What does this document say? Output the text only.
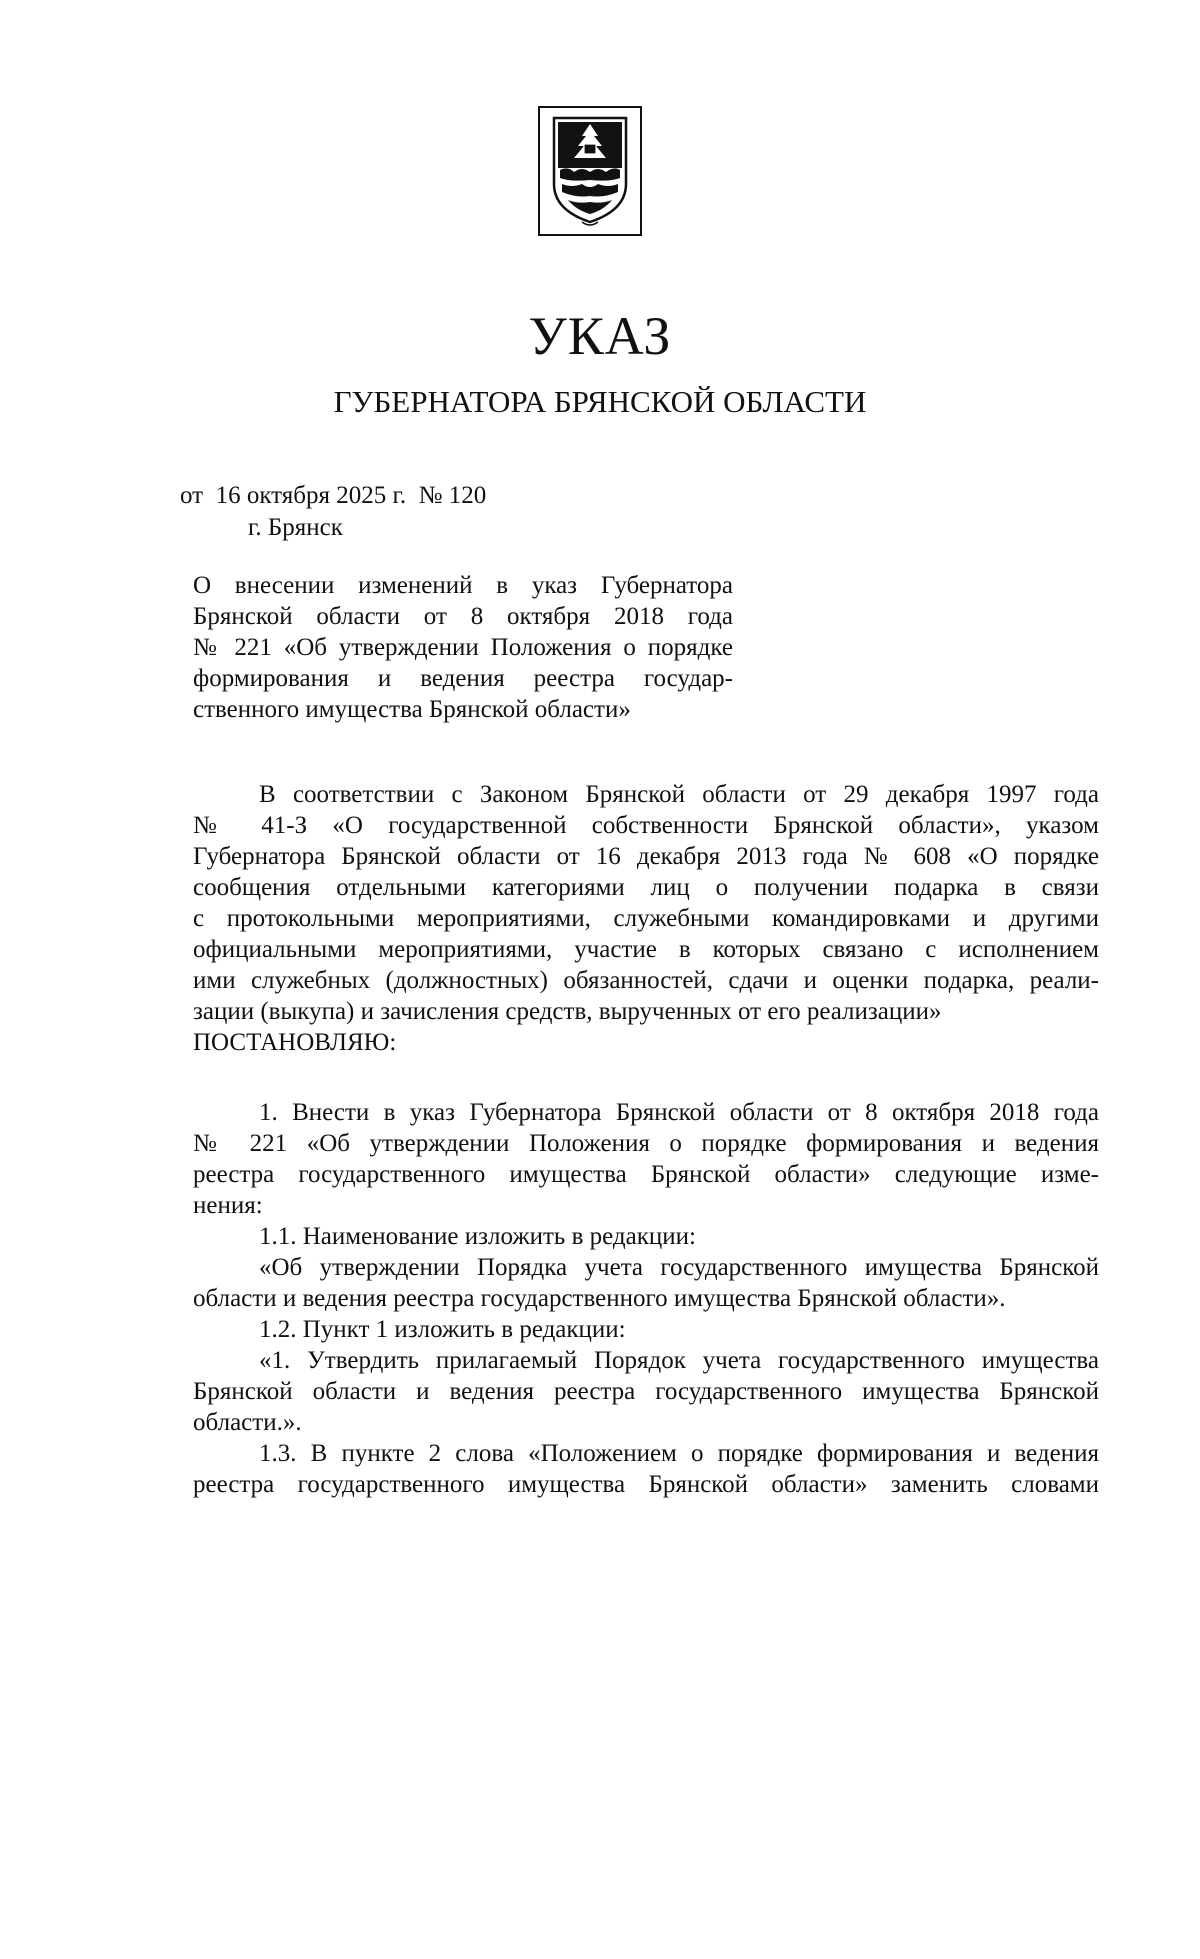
УКАЗ
ГУБЕРНАТОРА БРЯНСКОЙ ОБЛАСТИ
от  16 октября 2025 г.  № 120
г. Брянск
О внесении изменений в указ Губернатора
Брянской области от 8 октября 2018 года
№ 221 «Об утверждении Положения о порядке
формирования и ведения реестра государ-
ственного имущества Брянской области»
В соответствии с Законом Брянской области от 29 декабря 1997 года
№ 41-З «О государственной собственности Брянской области», указом
Губернатора Брянской области от 16 декабря 2013 года № 608 «О порядке
сообщения отдельными категориями лиц о получении подарка в связи
с протокольными мероприятиями, служебными командировками и другими
официальными мероприятиями, участие в которых связано с исполнением
ими служебных (должностных) обязанностей, сдачи и оценки подарка, реали-
зации (выкупа) и зачисления средств, вырученных от его реализации»
ПОСТАНОВЛЯЮ:
1. Внести в указ Губернатора Брянской области от 8 октября 2018 года
№ 221 «Об утверждении Положения о порядке формирования и ведения
реестра государственного имущества Брянской области» следующие изме-
нения:
1.1. Наименование изложить в редакции:
«Об утверждении Порядка учета государственного имущества Брянской
области и ведения реестра государственного имущества Брянской области».
1.2. Пункт 1 изложить в редакции:
«1. Утвердить прилагаемый Порядок учета государственного имущества
Брянской области и ведения реестра государственного имущества Брянской
области.».
1.3. В пункте 2 слова «Положением о порядке формирования и ведения
реестра государственного имущества Брянской области» заменить словами
